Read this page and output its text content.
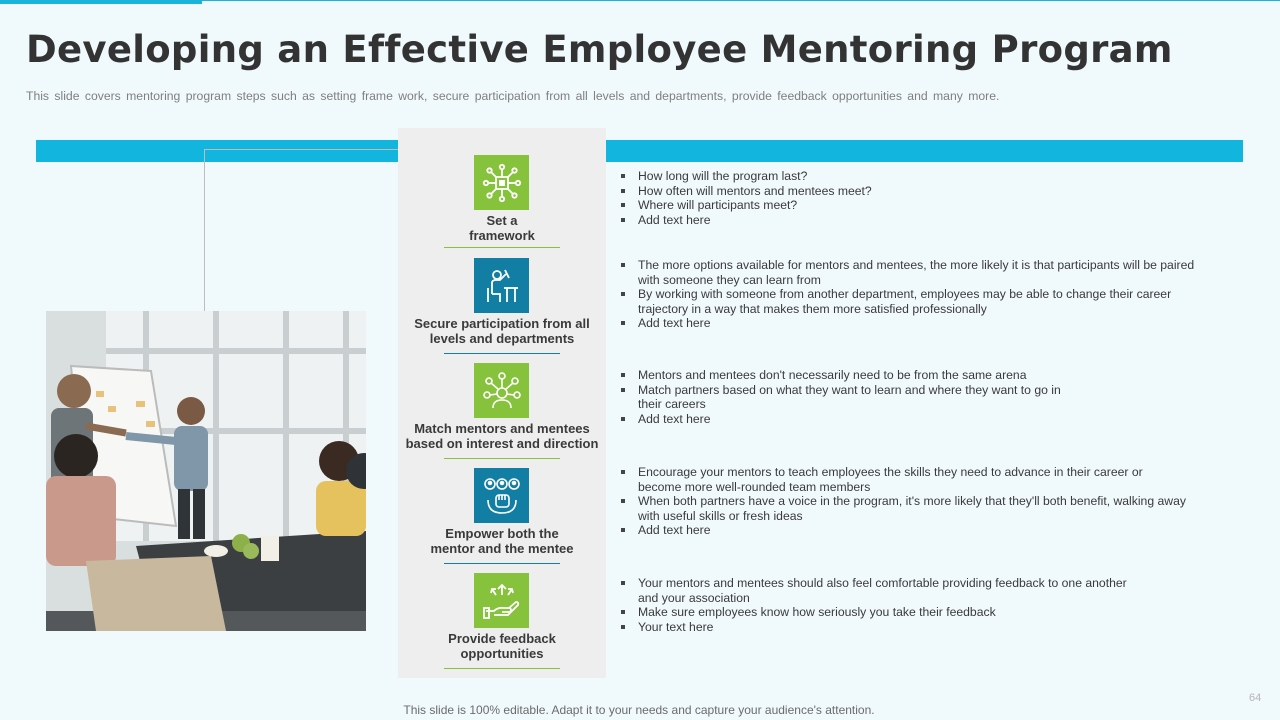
Developing an Effective Employee Mentoring Program

This slide covers mentoring program steps such as setting frame work, secure participation from all levels and departments, provide feedback opportunities and many more.

Set a
framework
Secure participation from all
levels and departments
Match mentors and mentees
based on interest and direction
Empower both the
mentor and the mentee
Provide feedback
opportunities
How long will the program last?
How often will mentors and mentees meet?
Where will participants meet?
Add text here
The more options available for mentors and mentees, the more likely it is that participants will be paired
with someone they can learn from
By working with someone from another department, employees may be able to change their career
trajectory in a way that makes them more satisfied professionally
Add text here
Mentors and mentees don't necessarily need to be from the same arena
Match partners based on what they want to learn and where they want to go in
their careers
Add text here
Encourage your mentors to teach employees the skills they need to advance in their career or
become more well-rounded team members
When both partners have a voice in the program, it's more likely that they'll both benefit, walking away
with useful skills or fresh ideas
Add text here
Your mentors and mentees should also feel comfortable providing feedback to one another
and your association
Make sure employees know how seriously you take their feedback
Your text here
This slide is 100% editable. Adapt it to your needs and capture your audience's attention.
64
